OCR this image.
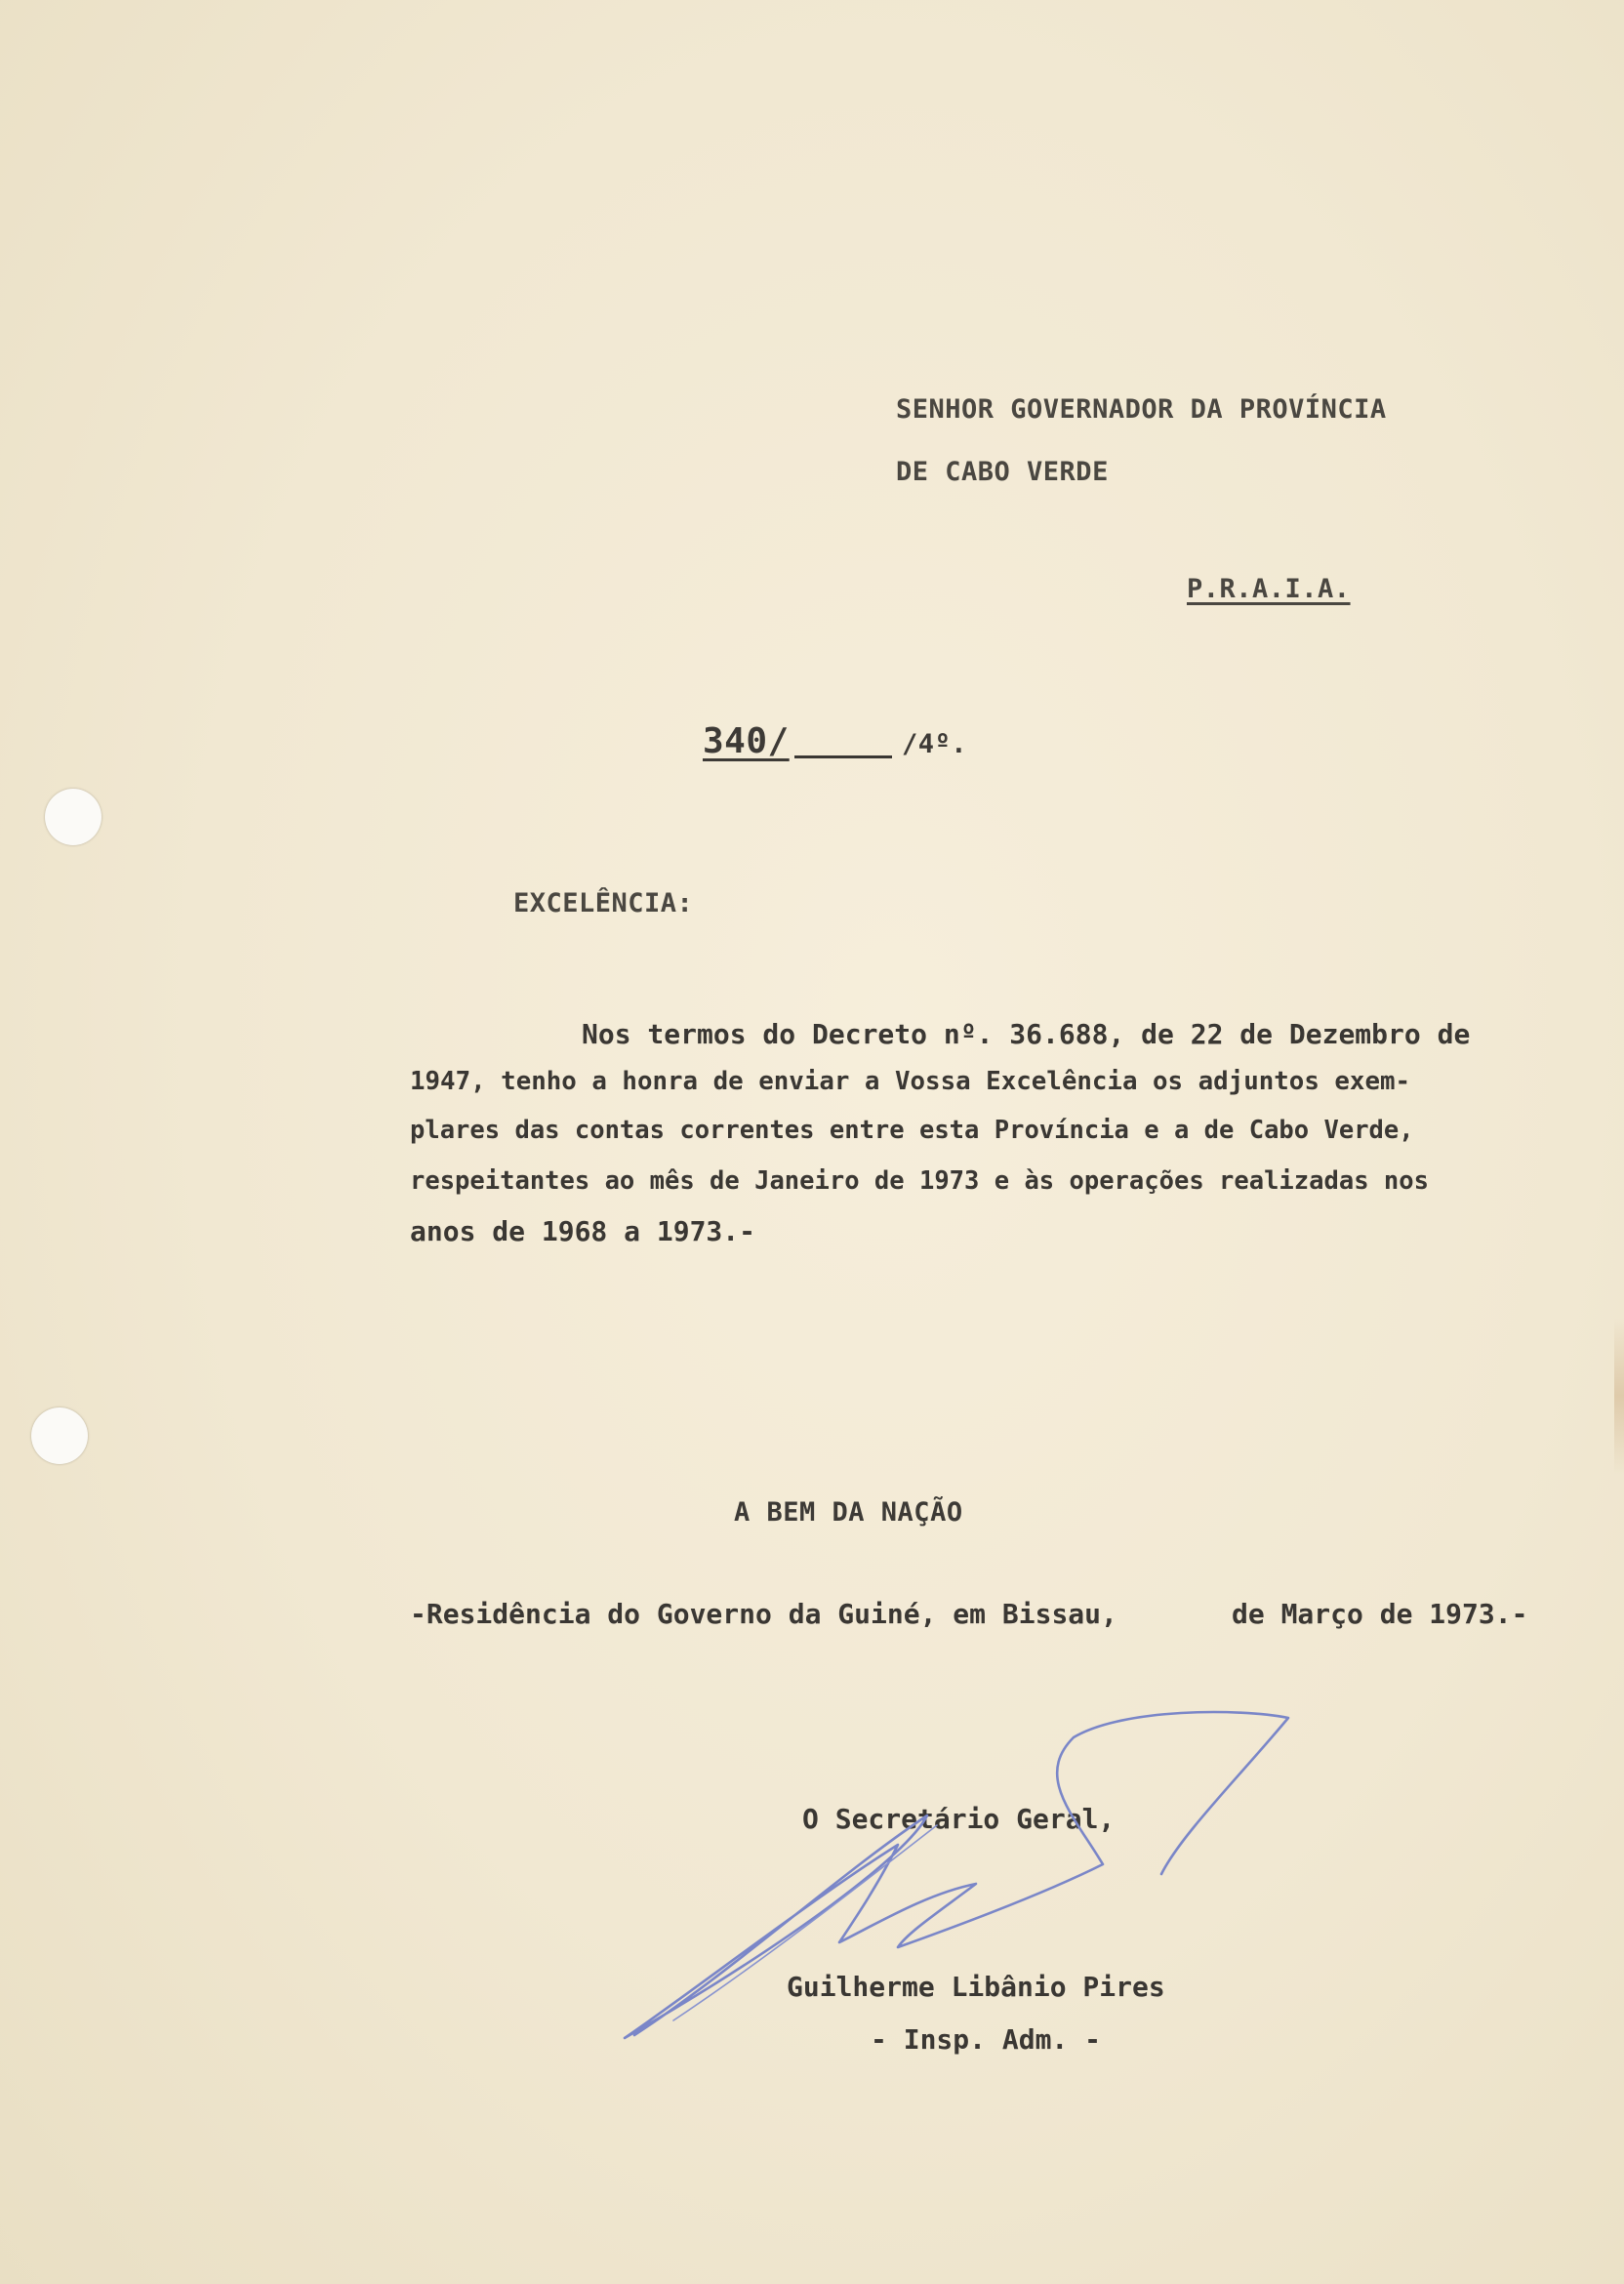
SENHOR GOVERNADOR DA PROVÍNCIA
DE CABO VERDE
P.R.A.I.A.
340/	/4º.
EXCELÊNCIA:
Nos termos do Decreto nº. 36.688, de 22 de Dezembro de
1947, tenho a honra de enviar a Vossa Excelência os adjuntos exem-
plares das contas correntes entre esta Província e a de Cabo Verde,
respeitantes ao mês de Janeiro de 1973 e às operações realizadas nos
anos de 1968 a 1973.-
A BEM DA NAÇÃO
-Residência do Governo da Guiné, em Bissau,	de Março de 1973.-
O Secretário Geral,
Guilherme Libânio Pires
- Insp. Adm. -
